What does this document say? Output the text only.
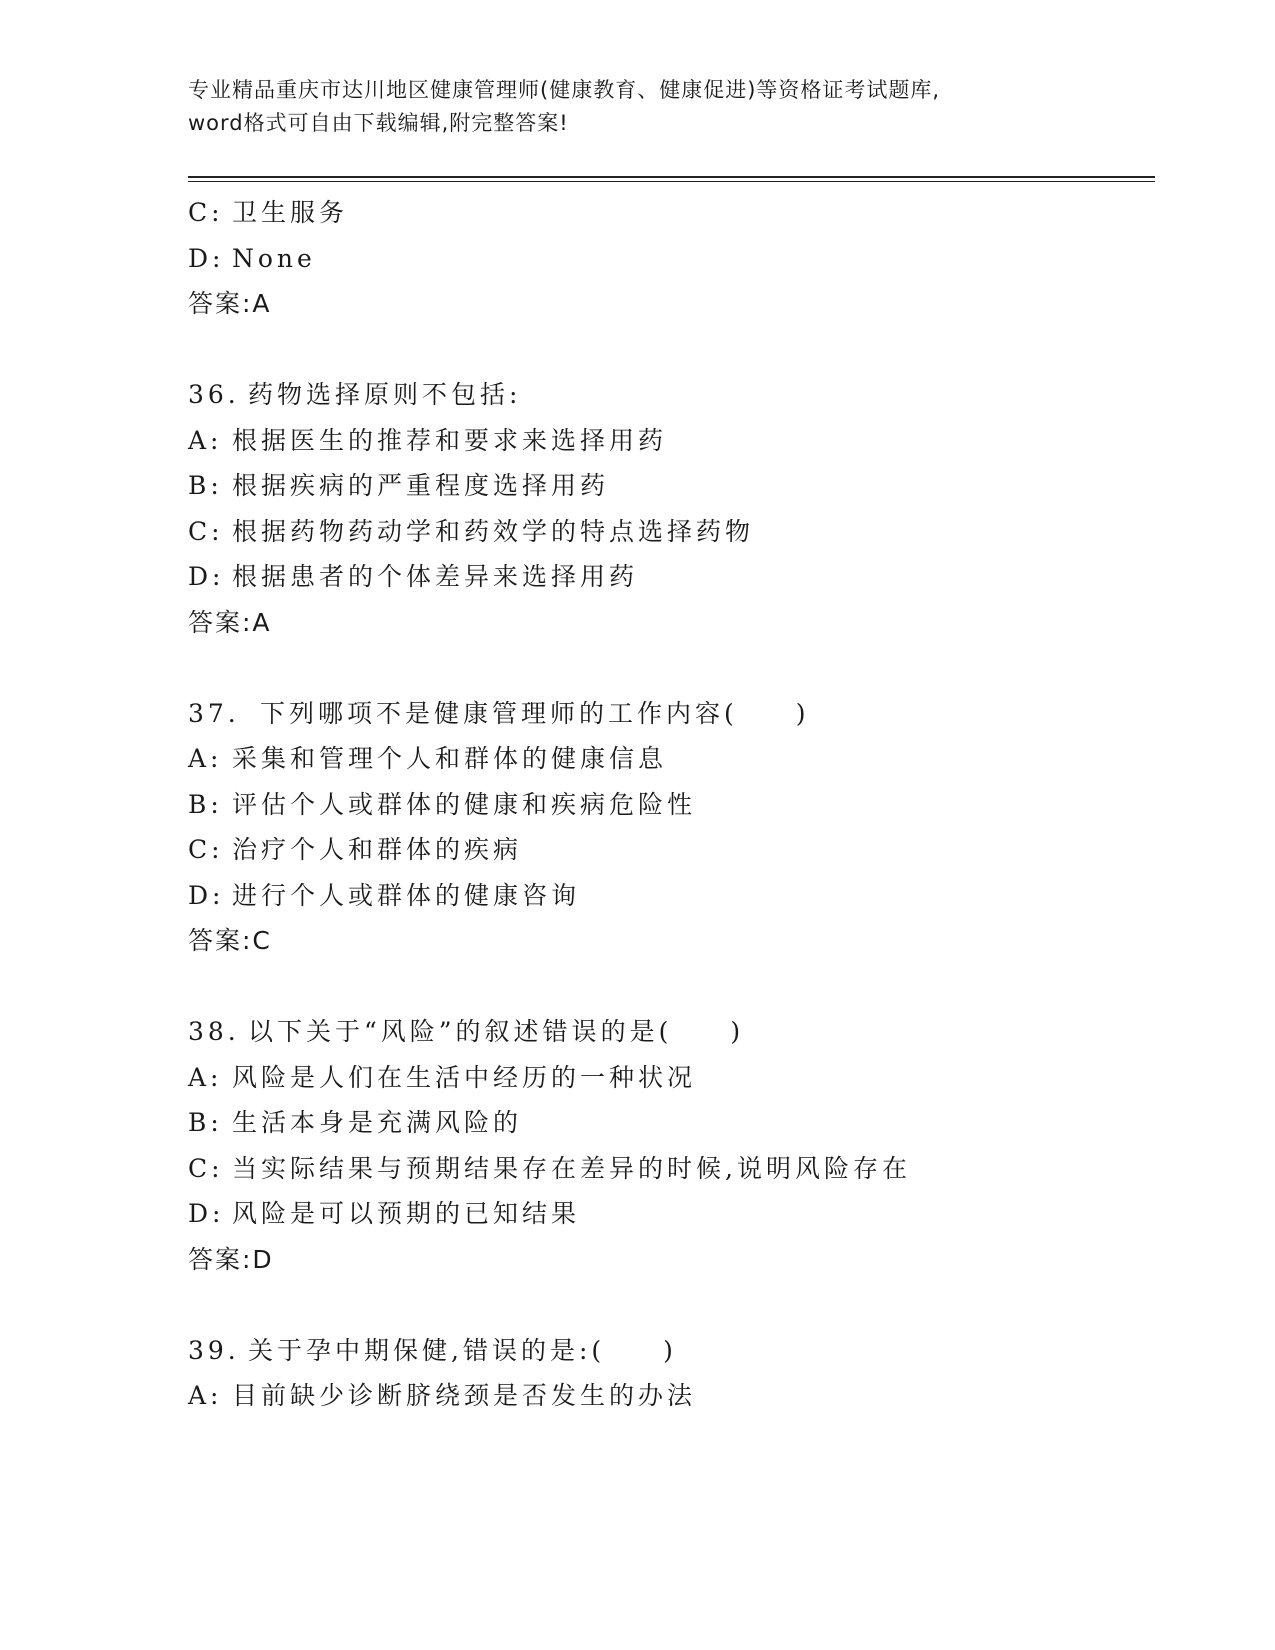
专业精品重庆市达川地区健康管理师(健康教育、健康促进)等资格证考试题库,
word格式可自由下载编辑,附完整答案!
C: 卫生服务
D: None
答案:A
36. 药物选择原则不包括:
A: 根据医生的推荐和要求来选择用药
B: 根据疾病的严重程度选择用药
C: 根据药物药动学和药效学的特点选择药物
D: 根据患者的个体差异来选择用药
答案:A
37. 下列哪项不是健康管理师的工作内容(　　)
A: 采集和管理个人和群体的健康信息
B: 评估个人或群体的健康和疾病危险性
C: 治疗个人和群体的疾病
D: 进行个人或群体的健康咨询
答案:C
38. 以下关于“风险”的叙述错误的是(　　)
A: 风险是人们在生活中经历的一种状况
B: 生活本身是充满风险的
C: 当实际结果与预期结果存在差异的时候,说明风险存在
D: 风险是可以预期的已知结果
答案:D
39. 关于孕中期保健,错误的是:(　　)
A: 目前缺少诊断脐绕颈是否发生的办法
